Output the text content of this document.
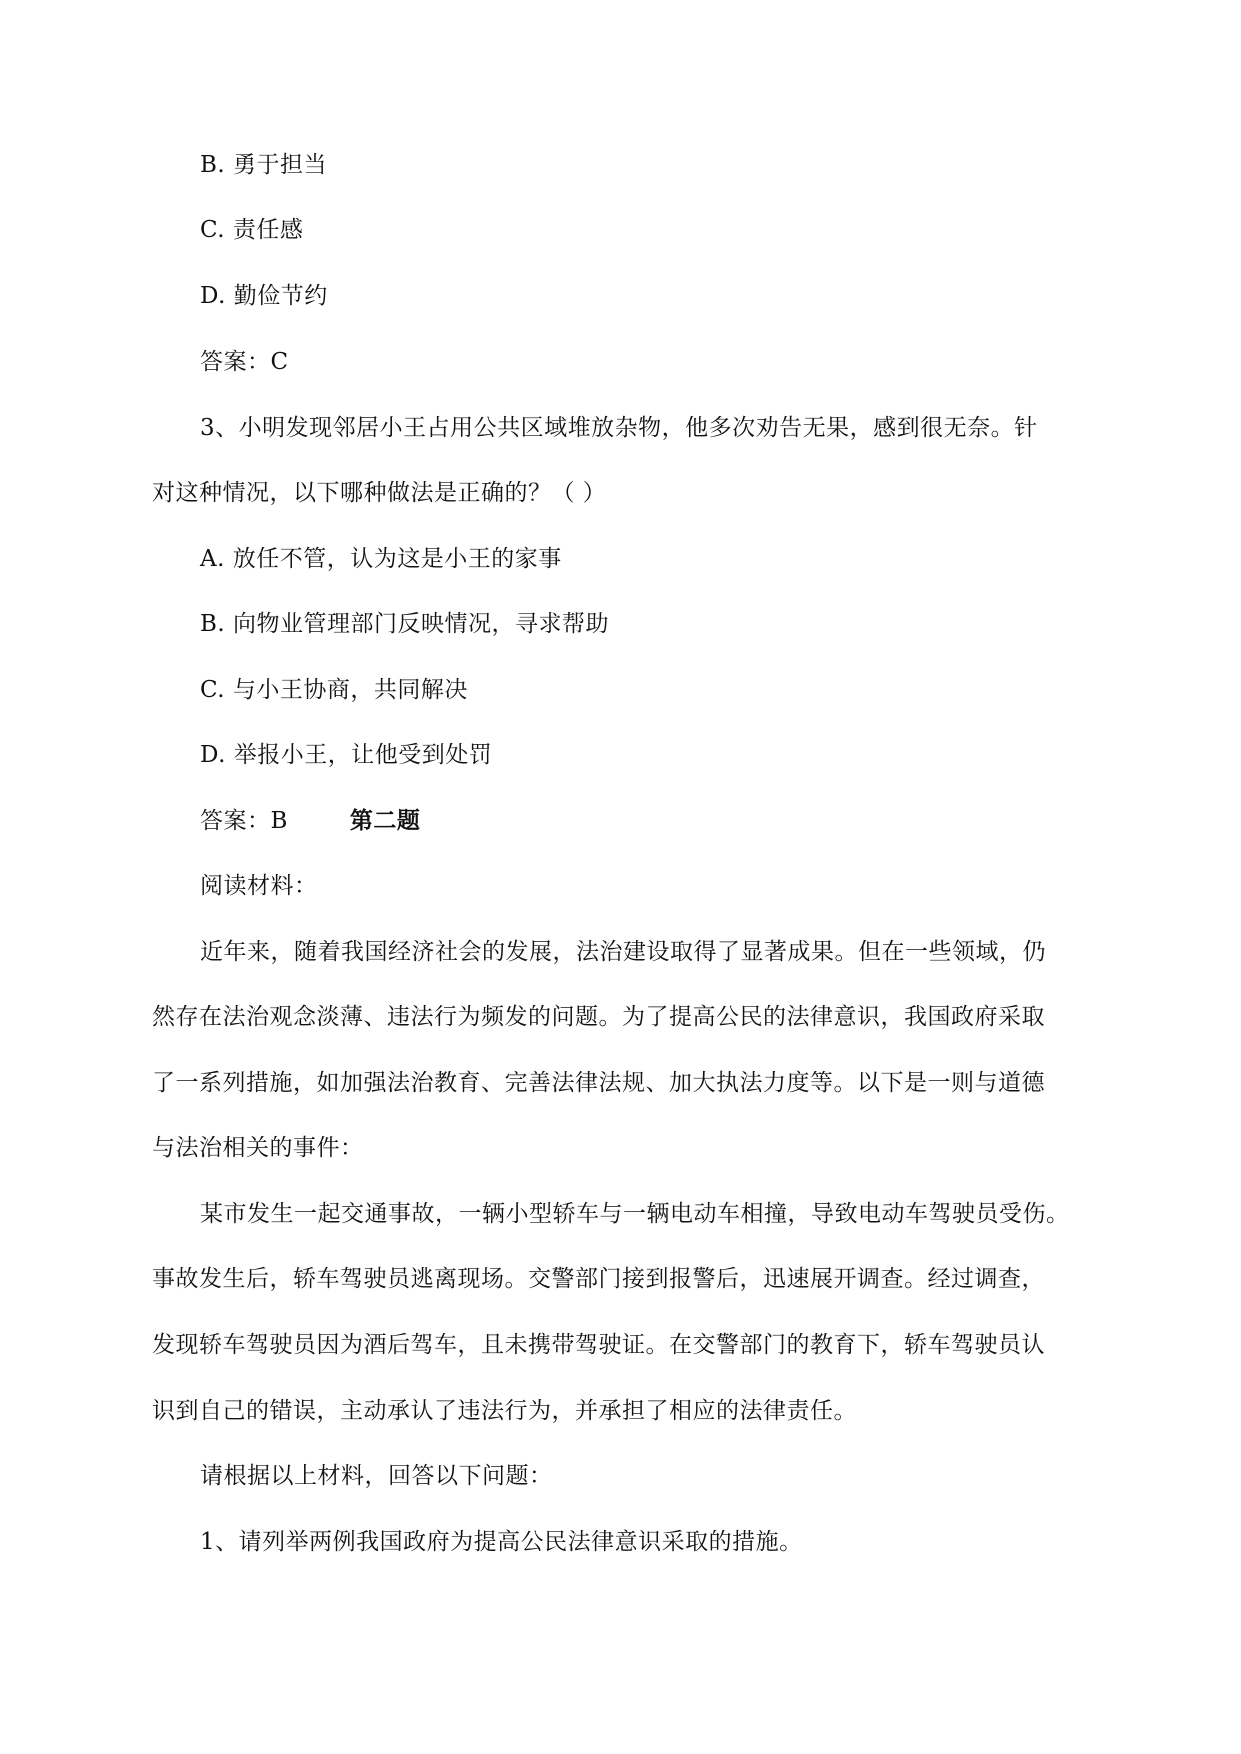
B. 勇于担当
C. 责任感
D. 勤俭节约
答案：C
3、小明发现邻居小王占用公共区域堆放杂物，他多次劝告无果，感到很无奈。针
对这种情况，以下哪种做法是正确的？（ ）
A. 放任不管，认为这是小王的家事
B. 向物业管理部门反映情况，寻求帮助
C. 与小王协商，共同解决
D. 举报小王，让他受到处罚
答案：B	第二题
阅读材料：
近年来，随着我国经济社会的发展，法治建设取得了显著成果。但在一些领域，仍
然存在法治观念淡薄、违法行为频发的问题。为了提高公民的法律意识，我国政府采取
了一系列措施，如加强法治教育、完善法律法规、加大执法力度等。以下是一则与道德
与法治相关的事件：
某市发生一起交通事故，一辆小型轿车与一辆电动车相撞，导致电动车驾驶员受伤。
事故发生后，轿车驾驶员逃离现场。交警部门接到报警后，迅速展开调查。经过调查，
发现轿车驾驶员因为酒后驾车，且未携带驾驶证。在交警部门的教育下，轿车驾驶员认
识到自己的错误，主动承认了违法行为，并承担了相应的法律责任。
请根据以上材料，回答以下问题：
1、请列举两例我国政府为提高公民法律意识采取的措施。
